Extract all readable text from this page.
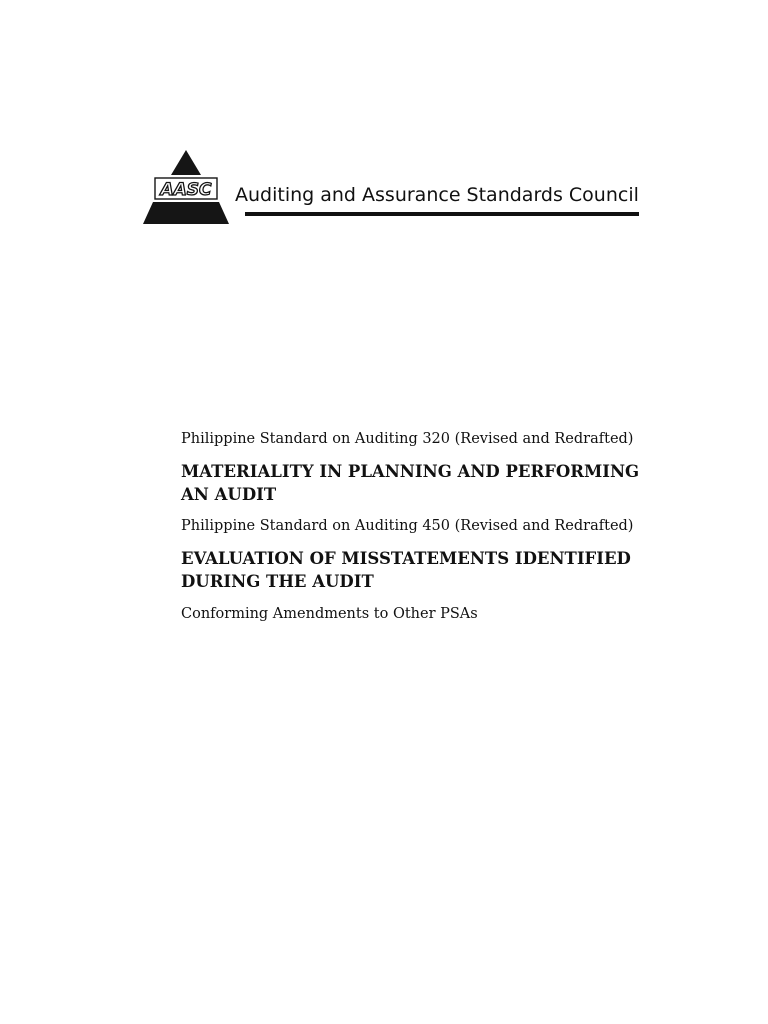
AASC Auditing and Assurance Standards Council

Philippine Standard on Auditing 320 (Revised and Redrafted)

MATERIALITY IN PLANNING AND PERFORMING AN AUDIT

Philippine Standard on Auditing 450 (Revised and Redrafted)

EVALUATION OF MISSTATEMENTS IDENTIFIED DURING THE AUDIT

Conforming Amendments to Other PSAs
